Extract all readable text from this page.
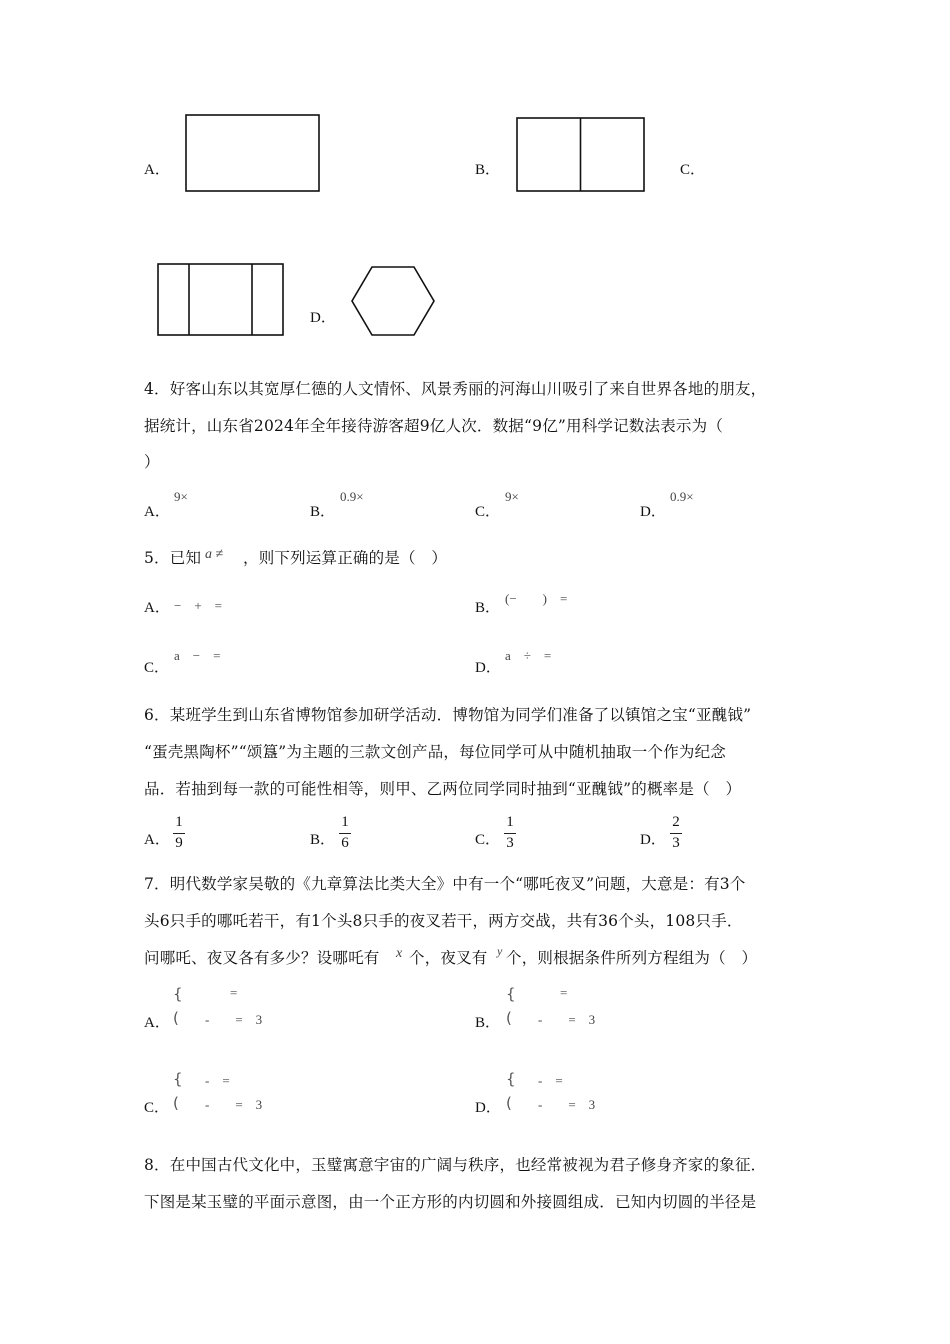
A．	B．	C．
D．
4．好客山东以其宽厚仁德的人文情怀、风景秀丽的河海山川吸引了来自世界各地的朋友，
据统计，山东省2024年全年接待游客超9亿人次．数据“9亿”用科学记数法表示为（
）
A．
9×
B．
0.9×
C．
9×
D．
0.9×
5．已知 a ≠ ，则下列运算正确的是（　）
A． −　+　=	B．
(−　　)　=
C．
a　−　=
D．
a　÷　=
6．某班学生到山东省博物馆参加研学活动．博物馆为同学们准备了以镇馆之宝“亚醜钺”
“蛋壳黑陶杯”“颂簋”为主题的三款文创产品，每位同学可从中随机抽取一个作为纪念
品．若抽到每一款的可能性相等，则甲、乙两位同学同时抽到“亚醜钺”的概率是（　）
A．
1
9	B．
1
6	C．
1
3	D．
2
3
7．明代数学家吴敬的《九章算法比类大全》中有一个“哪吒夜叉”问题，大意是：有3个
头6只手的哪吒若干，有1个头8只手的夜叉若干，两方交战，共有36个头，108只手．
问哪吒、夜叉各有多少？设哪吒有 x 个，夜叉有 y 个，则根据条件所列方程组为（　）
A．
{
(
=
-　　=　3	B．
{
(
=
-　　=　3
C．
{
(
-　=
-　　=　3	D．
{
(
-　=
-　　=　3
8．在中国古代文化中，玉璧寓意宇宙的广阔与秩序，也经常被视为君子修身齐家的象征．
下图是某玉璧的平面示意图，由一个正方形的内切圆和外接圆组成．已知内切圆的半径是
